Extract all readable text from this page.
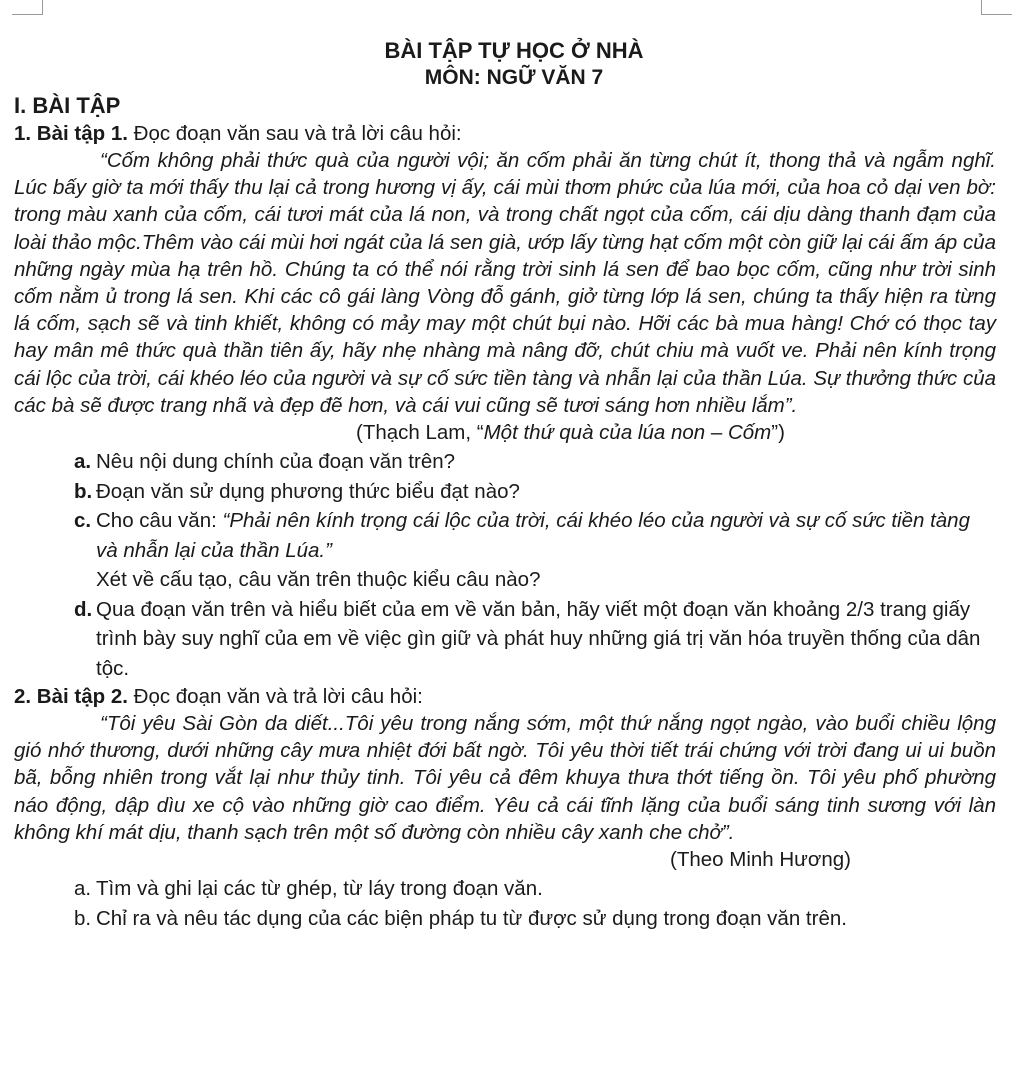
BÀI TẬP TỰ HỌC Ở NHÀ
MÔN: NGỮ VĂN 7
I. BÀI TẬP
1. Bài tập 1. Đọc đoạn văn sau và trả lời câu hỏi:
“Cốm không phải thức quà của người vội; ăn cốm phải ăn từng chút ít, thong thả và ngẫm nghĩ. Lúc bấy giờ ta mới thấy thu lại cả trong hương vị ấy, cái mùi thơm phức của lúa mới, của hoa cỏ dại ven bờ: trong màu xanh của cốm, cái tươi mát của lá non, và trong chất ngọt của cốm, cái dịu dàng thanh đạm của loài thảo mộc.Thêm vào cái mùi hơi ngát của lá sen già, ướp lấy từng hạt cốm một còn giữ lại cái ấm áp của những ngày mùa hạ trên hồ. Chúng ta có thể nói rằng trời sinh lá sen để bao bọc cốm, cũng như trời sinh cốm nằm ủ trong lá sen. Khi các cô gái làng Vòng đỗ gánh, giở từng lớp lá sen, chúng ta thấy hiện ra từng lá cốm, sạch sẽ và tinh khiết, không có mảy may một chút bụi nào. Hỡi các bà mua hàng! Chớ có thọc tay hay mân mê thức quà thần tiên ấy, hãy nhẹ nhàng mà nâng đỡ, chút chiu mà vuốt ve. Phải nên kính trọng cái lộc của trời, cái khéo léo của người và sự cố sức tiền tàng và nhẫn lại của thần Lúa. Sự thưởng thức của các bà sẽ được trang nhã và đẹp đẽ hơn, và cái vui cũng sẽ tươi sáng hơn nhiều lắm”.
(Thạch Lam, “Một thứ quà của lúa non – Cốm”)
a. Nêu nội dung chính của đoạn văn trên?
b. Đoạn văn sử dụng phương thức biểu đạt nào?
c. Cho câu văn: “Phải nên kính trọng cái lộc của trời, cái khéo léo của người và sự cố sức tiền tàng và nhẫn lại của thần Lúa.”
Xét về cấu tạo, câu văn trên thuộc kiểu câu nào?
d. Qua đoạn văn trên và hiểu biết của em về văn bản, hãy viết một đoạn văn khoảng 2/3 trang giấy trình bày suy nghĩ của em về việc gìn giữ và phát huy những giá trị văn hóa truyền thống của dân tộc.
2. Bài tập 2. Đọc đoạn văn và trả lời câu hỏi:
“Tôi yêu Sài Gòn da diết...Tôi yêu trong nắng sớm, một thứ nắng ngọt ngào, vào buổi chiều lộng gió nhớ thương, dưới những cây mưa nhiệt đới bất ngờ. Tôi yêu thời tiết trái chứng với trời đang ui ui buồn bã, bỗng nhiên trong vắt lại như thủy tinh. Tôi yêu cả đêm khuya thưa thớt tiếng ồn. Tôi yêu phố phường náo động, dập dìu xe cộ vào những giờ cao điểm. Yêu cả cái tĩnh lặng của buổi sáng tinh sương với làn không khí mát dịu, thanh sạch trên một số đường còn nhiều cây xanh che chở”.
(Theo Minh Hương)
a. Tìm và ghi lại các từ ghép, từ láy trong đoạn văn.
b. Chỉ ra và nêu tác dụng của các biện pháp tu từ được sử dụng trong đoạn văn trên.
